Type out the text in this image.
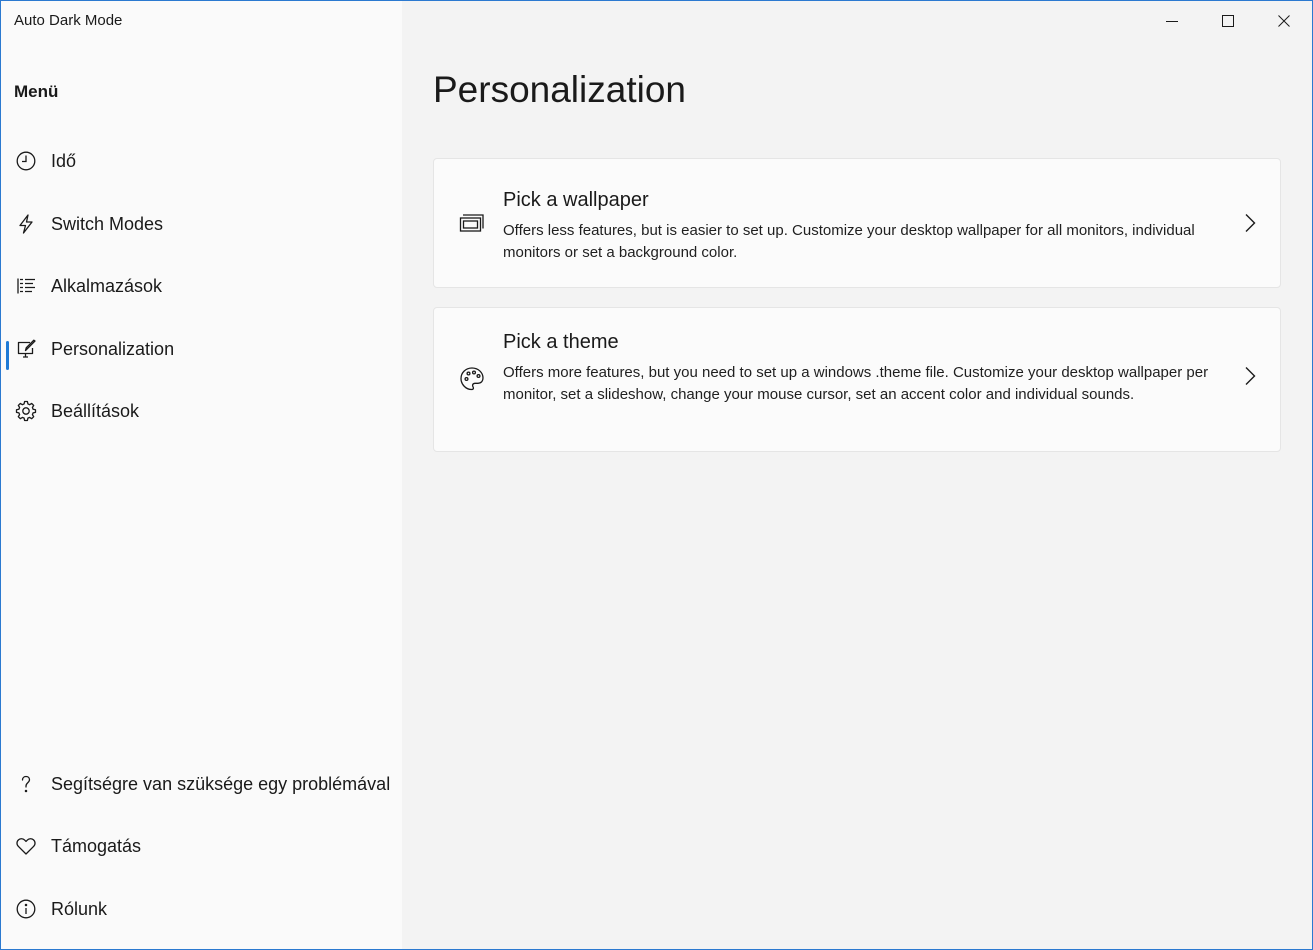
Auto Dark Mode
Menü
Idő
Switch Modes
Alkalmazások
Personalization
Beállítások
Segítségre van szüksége egy problémával
Támogatás
Rólunk
Personalization
Pick a wallpaper
Offers less features, but is easier to set up. Customize your desktop wallpaper for all monitors, individual monitors or set a background color.
Pick a theme
Offers more features, but you need to set up a windows .theme file. Customize your desktop wallpaper per monitor, set a slideshow, change your mouse cursor, set an accent color and individual sounds.
